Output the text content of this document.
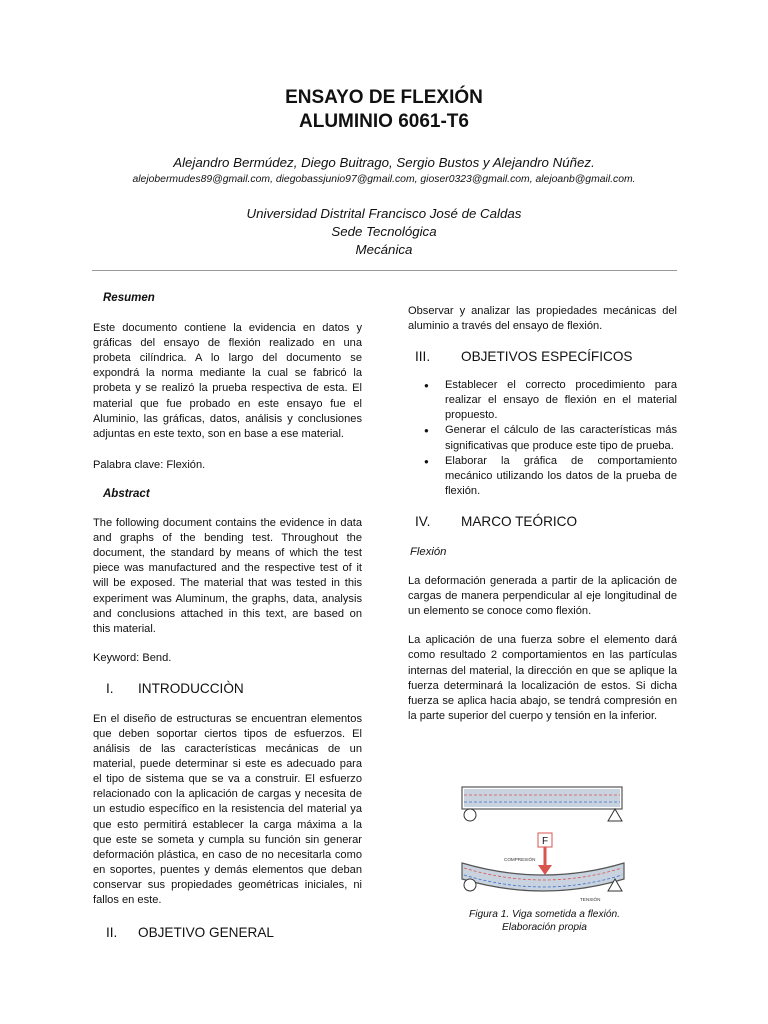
ENSAYO DE FLEXIÓN
ALUMINIO 6061-T6
Alejandro Bermúdez, Diego Buitrago, Sergio Bustos y Alejandro Núñez.
alejobermudes89@gmail.com, diegobassjunio97@gmail.com, gioser0323@gmail.com, alejoanb@gmail.com.
Universidad Distrital Francisco José de Caldas
Sede Tecnológica
Mecánica

Resumen

Este documento contiene la evidencia en datos y gráficas del ensayo de flexión realizado en una probeta cilíndrica. A lo largo del documento se expondrá la norma mediante la cual se fabricó la probeta y se realizó la prueba respectiva de esta. El material que fue probado en este ensayo fue el Aluminio, las gráficas, datos, análisis y conclusiones adjuntas en este texto, son en base a ese material.

Palabra clave: Flexión.

Abstract

The following document contains the evidence in data and graphs of the bending test. Throughout the document, the standard by means of which the test piece was manufactured and the respective test of it will be exposed. The material that was tested in this experiment was Aluminum, the graphs, data, analysis and conclusions attached in this text, are based on this material.

Keyword: Bend.

I.	INTRODUCCIÒN

En el diseño de estructuras se encuentran elementos que deben soportar ciertos tipos de esfuerzos. El análisis de las características mecánicas de un material, puede determinar si este es adecuado para el tipo de sistema que se va a construir. El esfuerzo relacionado con la aplicación de cargas y necesita de un estudio específico en la resistencia del material ya que esto permitirá establecer la carga máxima a la que este se someta y cumpla su función sin generar deformación plástica, en caso de no necesitarla como en soportes, puentes y demás elementos que deban conservar sus propiedades geométricas iniciales, ni fallos en este.

II.	OBJETIVO GENERAL

Observar y analizar las propiedades mecánicas del aluminio a través del ensayo de flexión.

III.	OBJETIVOS ESPECÍFICOS
● Establecer el correcto procedimiento para realizar el ensayo de flexión en el material propuesto.
● Generar el cálculo de las características más significativas que produce este tipo de prueba.
● Elaborar la gráfica de comportamiento mecánico utilizando los datos de la prueba de flexión.
IV.	MARCO TEÓRICO

Flexión

La deformación generada a partir de la aplicación de cargas de manera perpendicular al eje longitudinal de un elemento se conoce como flexión.

La aplicación de una fuerza sobre el elemento dará como resultado 2 comportamientos en las partículas internas del material, la dirección en que se aplique la fuerza determinará la localización de estos. Si dicha fuerza se aplica hacia abajo, se tendrá compresión en la parte superior del cuerpo y tensión en la inferior.

F
COMPRESIÓN
TENSIÓN
Figura 1. Viga sometida a flexión.
Elaboración propia
